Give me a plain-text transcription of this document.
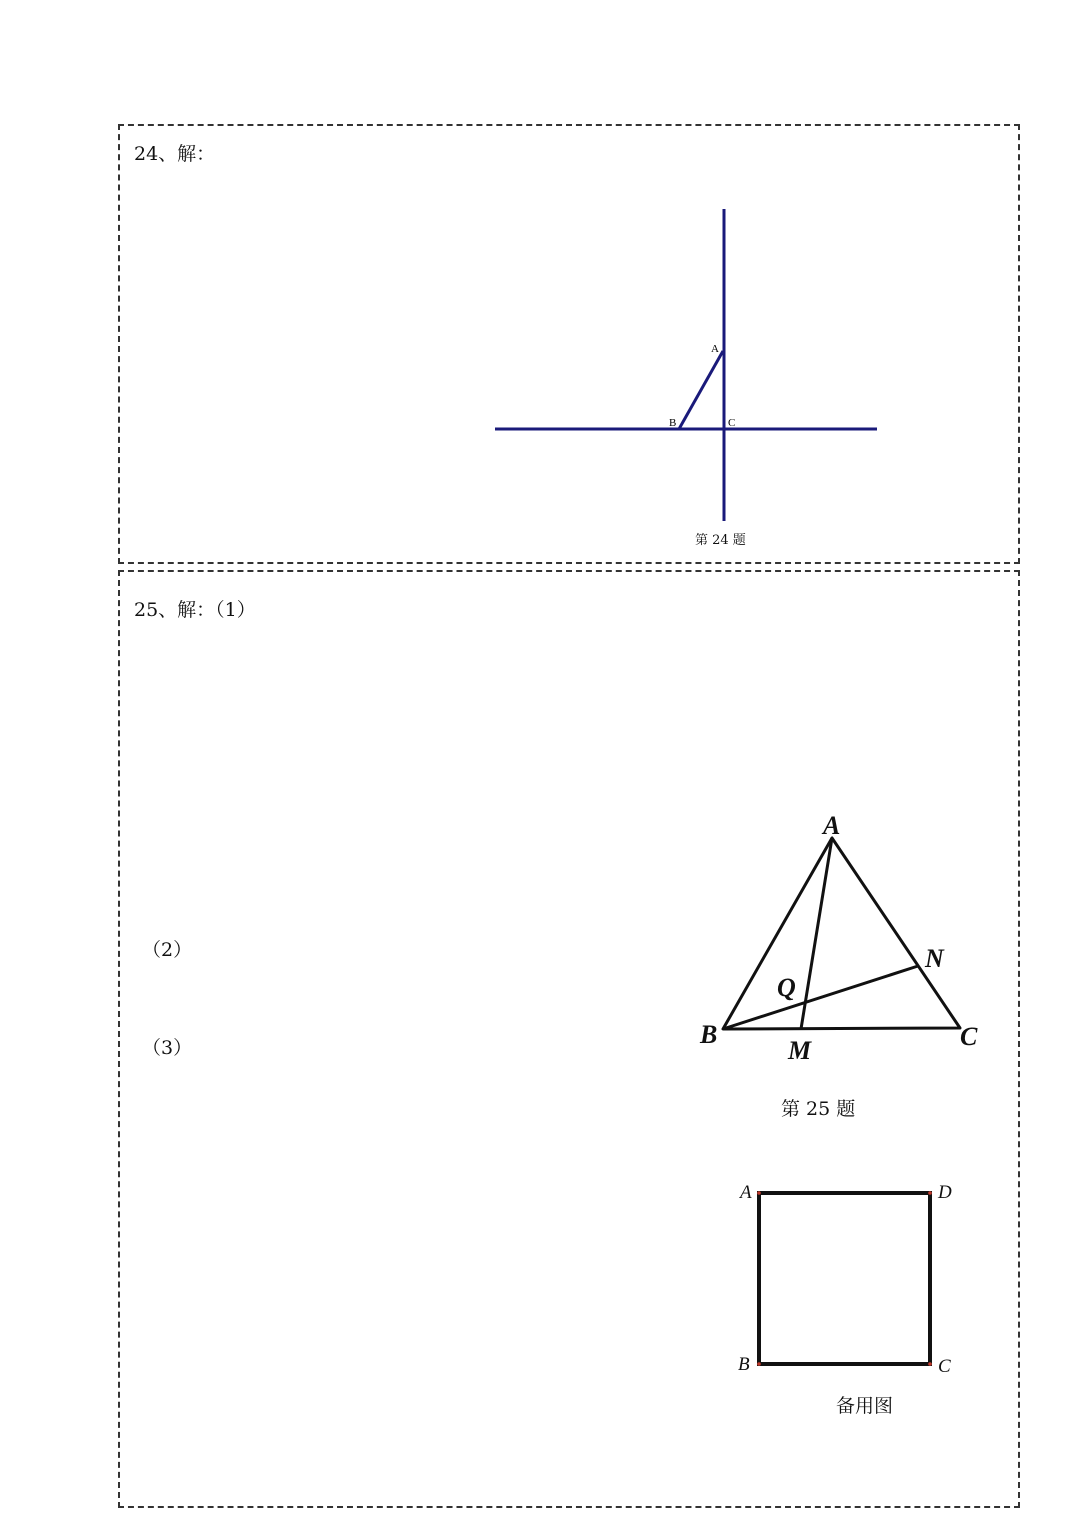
24、解：
A
B	C
第 24 题
25、解：（1）
（2）
（3）
A
B	C
M
N
Q
A	D
B	C
第 25 题
备用图
